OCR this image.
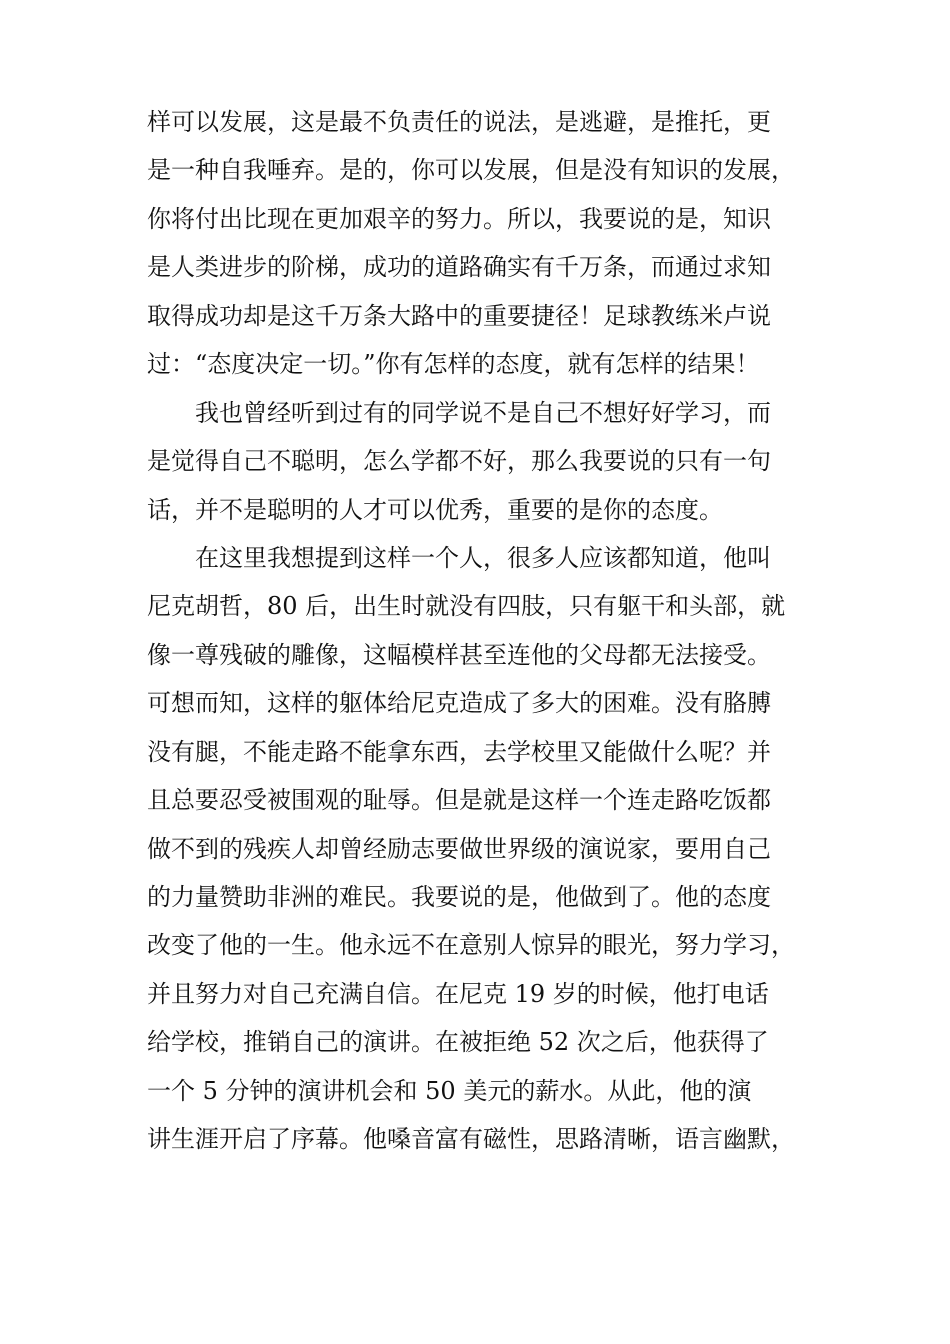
样可以发展，这是最不负责任的说法，是逃避，是推托，更
是一种自我唾弃。是的，你可以发展，但是没有知识的发展，
你将付出比现在更加艰辛的努力。所以，我要说的是，知识
是人类进步的阶梯，成功的道路确实有千万条，而通过求知
取得成功却是这千万条大路中的重要捷径！足球教练米卢说
过：“态度决定一切。”你有怎样的态度，就有怎样的结果！
我也曾经听到过有的同学说不是自己不想好好学习，而
是觉得自己不聪明，怎么学都不好，那么我要说的只有一句
话，并不是聪明的人才可以优秀，重要的是你的态度。
在这里我想提到这样一个人，很多人应该都知道，他叫
尼克胡哲，80 后，出生时就没有四肢，只有躯干和头部，就
像一尊残破的雕像，这幅模样甚至连他的父母都无法接受。
可想而知，这样的躯体给尼克造成了多大的困难。没有胳膊
没有腿，不能走路不能拿东西，去学校里又能做什么呢？并
且总要忍受被围观的耻辱。但是就是这样一个连走路吃饭都
做不到的残疾人却曾经励志要做世界级的演说家，要用自己
的力量赞助非洲的难民。我要说的是，他做到了。他的态度
改变了他的一生。他永远不在意别人惊异的眼光，努力学习，
并且努力对自己充满自信。在尼克 19 岁的时候，他打电话
给学校，推销自己的演讲。在被拒绝 52 次之后，他获得了
一个 5 分钟的演讲机会和 50 美元的薪水。从此，他的演
讲生涯开启了序幕。他嗓音富有磁性，思路清晰，语言幽默，
